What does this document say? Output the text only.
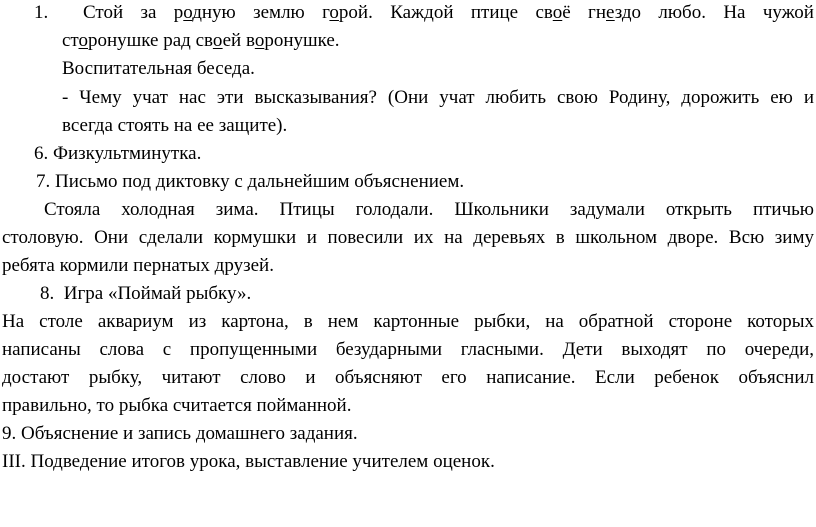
1.  Стой за родную землю горой. Каждой птице своё гнездо любо. На чужой
сторонушке рад своей воронушке.
Воспитательная беседа.
- Чему учат нас эти высказывания? (Они учат любить свою Родину, дорожить ею и
всегда стоять на ее защите).
6. Физкультминутка.
7. Письмо под диктовку с дальнейшим объяснением.
Стояла холодная зима. Птицы голодали. Школьники задумали открыть птичью
столовую. Они сделали кормушки и повесили их на деревьях в школьном дворе. Всю зиму
ребята кормили пернатых друзей.
8.  Игра «Поймай рыбку».
На столе аквариум из картона, в нем картонные рыбки, на обратной стороне которых
написаны слова с пропущенными безударными гласными. Дети выходят по очереди,
достают рыбку, читают слово и объясняют его написание. Если ребенок объяснил
правильно, то рыбка считается пойманной.
9. Объяснение и запись домашнего задания.
III. Подведение итогов урока, выставление учителем оценок.
